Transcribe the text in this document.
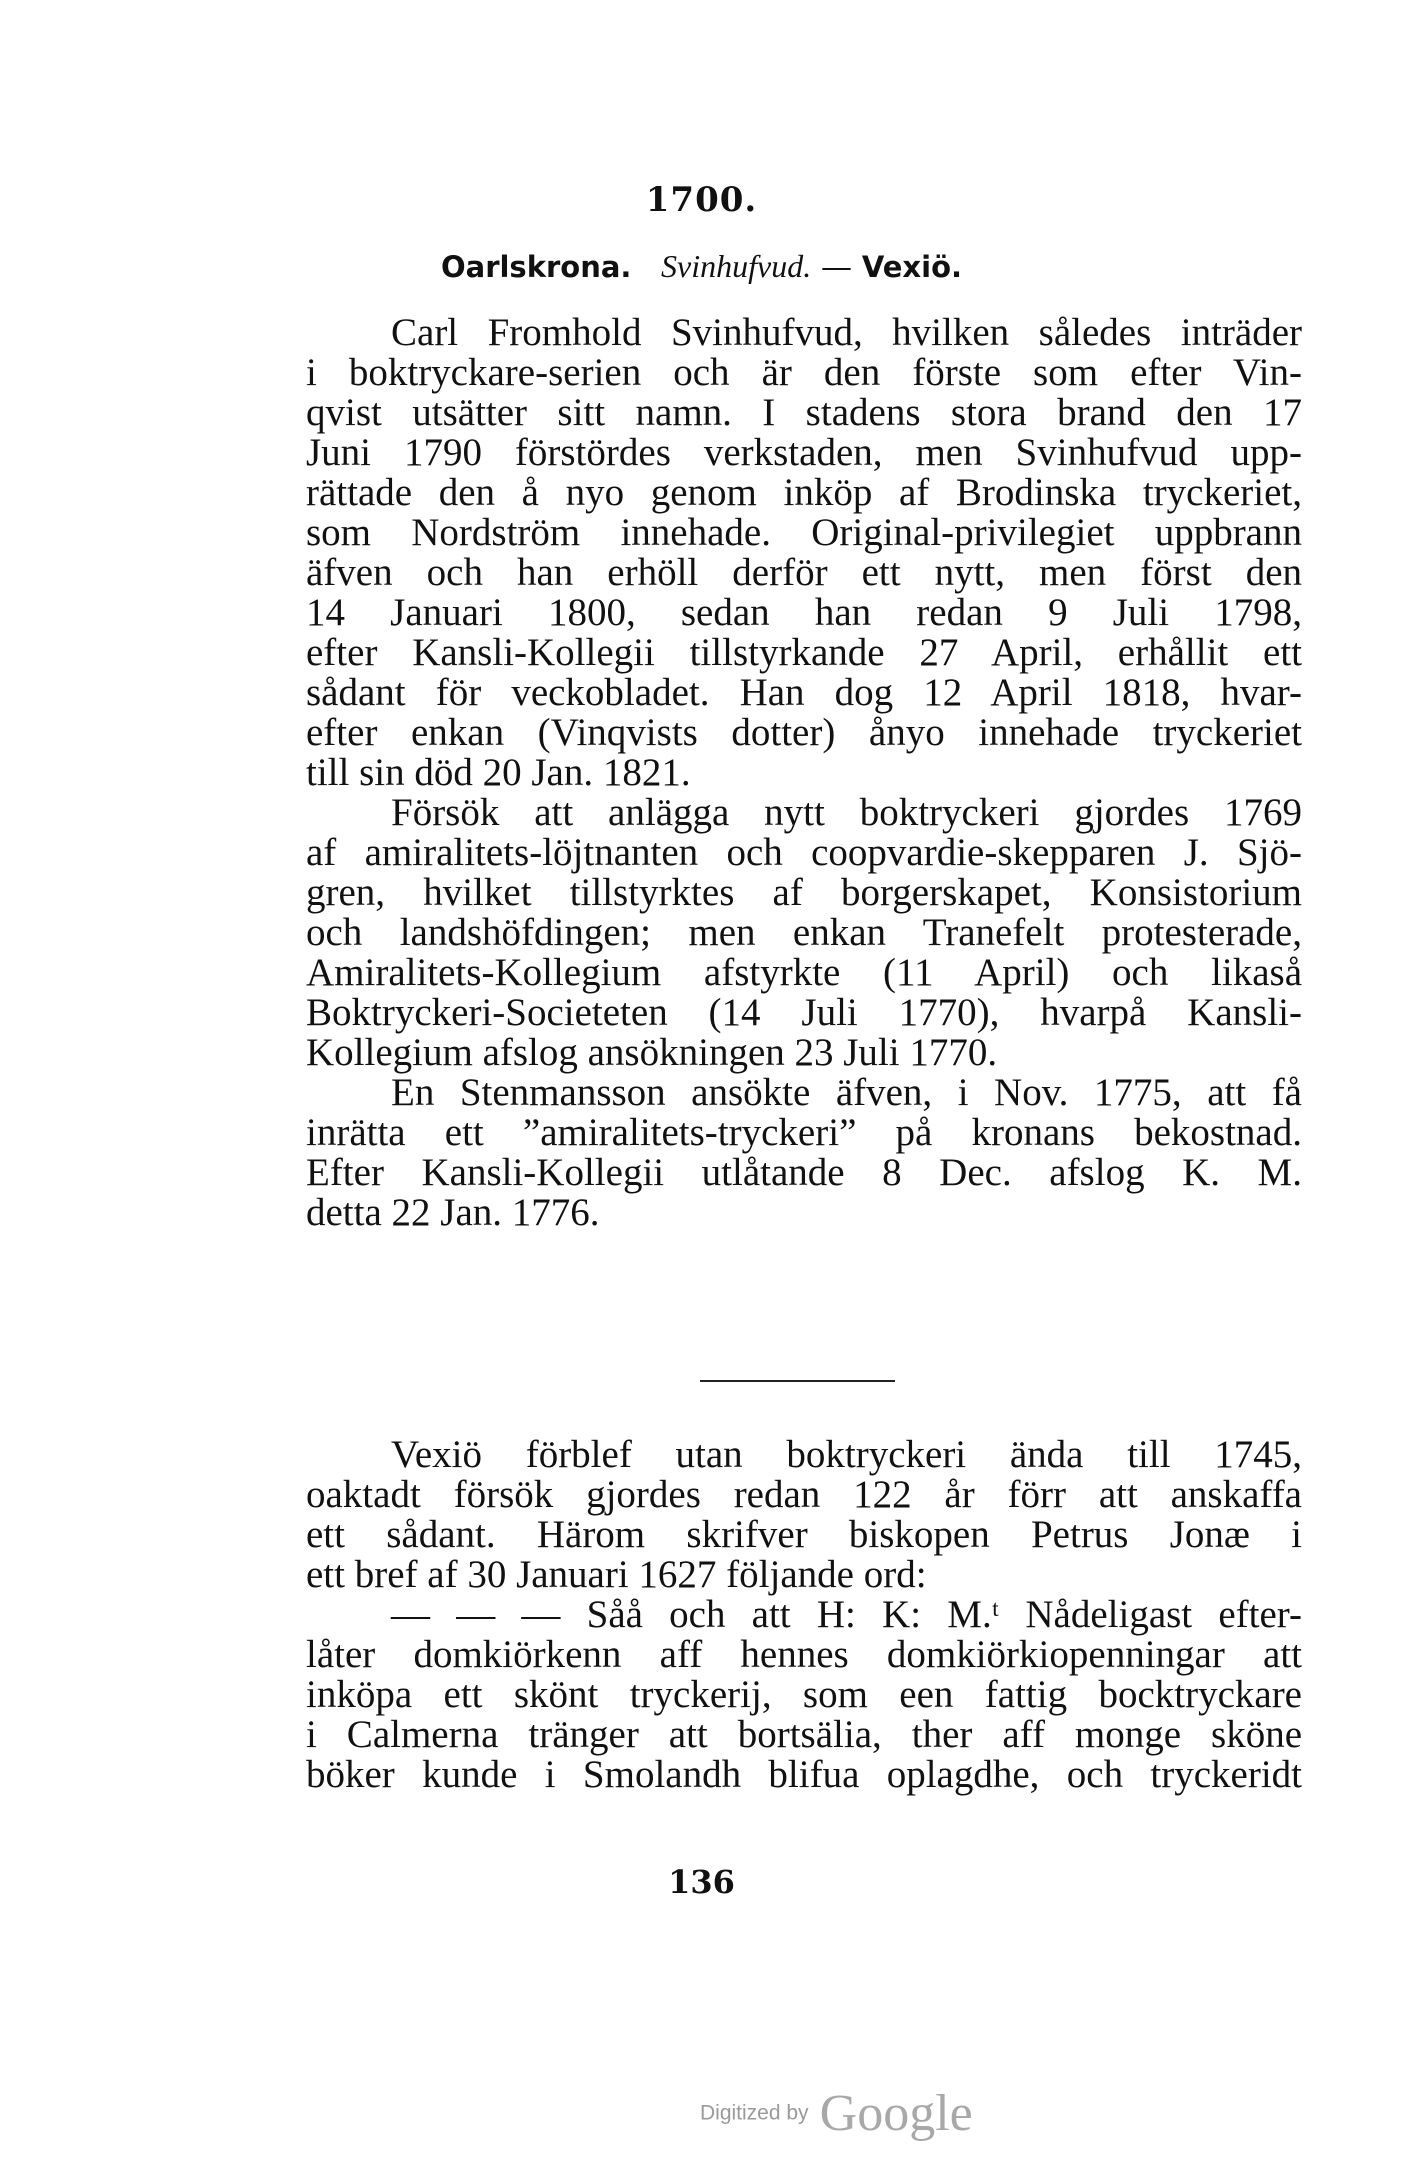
1700.
Oarlskrona. Svinhufvud. — Vexiö.
Carl Fromhold Svinhufvud, hvilken således inträder
i boktryckare-serien och är den förste som efter Vin-
qvist utsätter sitt namn. I stadens stora brand den 17
Juni 1790 förstördes verkstaden, men Svinhufvud upp-
rättade den å nyo genom inköp af Brodinska tryckeriet,
som Nordström innehade. Original-privilegiet uppbrann
äfven och han erhöll derför ett nytt, men först den
14 Januari 1800, sedan han redan 9 Juli 1798,
efter Kansli-Kollegii tillstyrkande 27 April, erhållit ett
sådant för veckobladet. Han dog 12 April 1818, hvar-
efter enkan (Vinqvists dotter) ånyo innehade tryckeriet
till sin död 20 Jan. 1821.
Försök att anlägga nytt boktryckeri gjordes 1769
af amiralitets-löjtnanten och coopvardie-skepparen J. Sjö-
gren, hvilket tillstyrktes af borgerskapet, Konsistorium
och landshöfdingen; men enkan Tranefelt protesterade,
Amiralitets-Kollegium afstyrkte (11 April) och likaså
Boktryckeri-Societeten (14 Juli 1770), hvarpå Kansli-
Kollegium afslog ansökningen 23 Juli 1770.
En Stenmansson ansökte äfven, i Nov. 1775, att få
inrätta ett ”amiralitets-tryckeri” på kronans bekostnad.
Efter Kansli-Kollegii utlåtande 8 Dec. afslog K. M.
detta 22 Jan. 1776.
Vexiö förblef utan boktryckeri ända till 1745,
oaktadt försök gjordes redan 122 år förr att anskaffa
ett sådant. Härom skrifver biskopen Petrus Jonæ i
ett bref af 30 Januari 1627 följande ord:
— — — Såå och att H: K: M.ᵗ Nådeligast efter-
låter domkiörkenn aff hennes domkiörkiopenningar att
inköpa ett skönt tryckerij, som een fattig bocktryckare
i Calmerna tränger att bortsälia, ther aff monge sköne
böker kunde i Smolandh blifua oplagdhe, och tryckeridt
136
Digitized by Google
